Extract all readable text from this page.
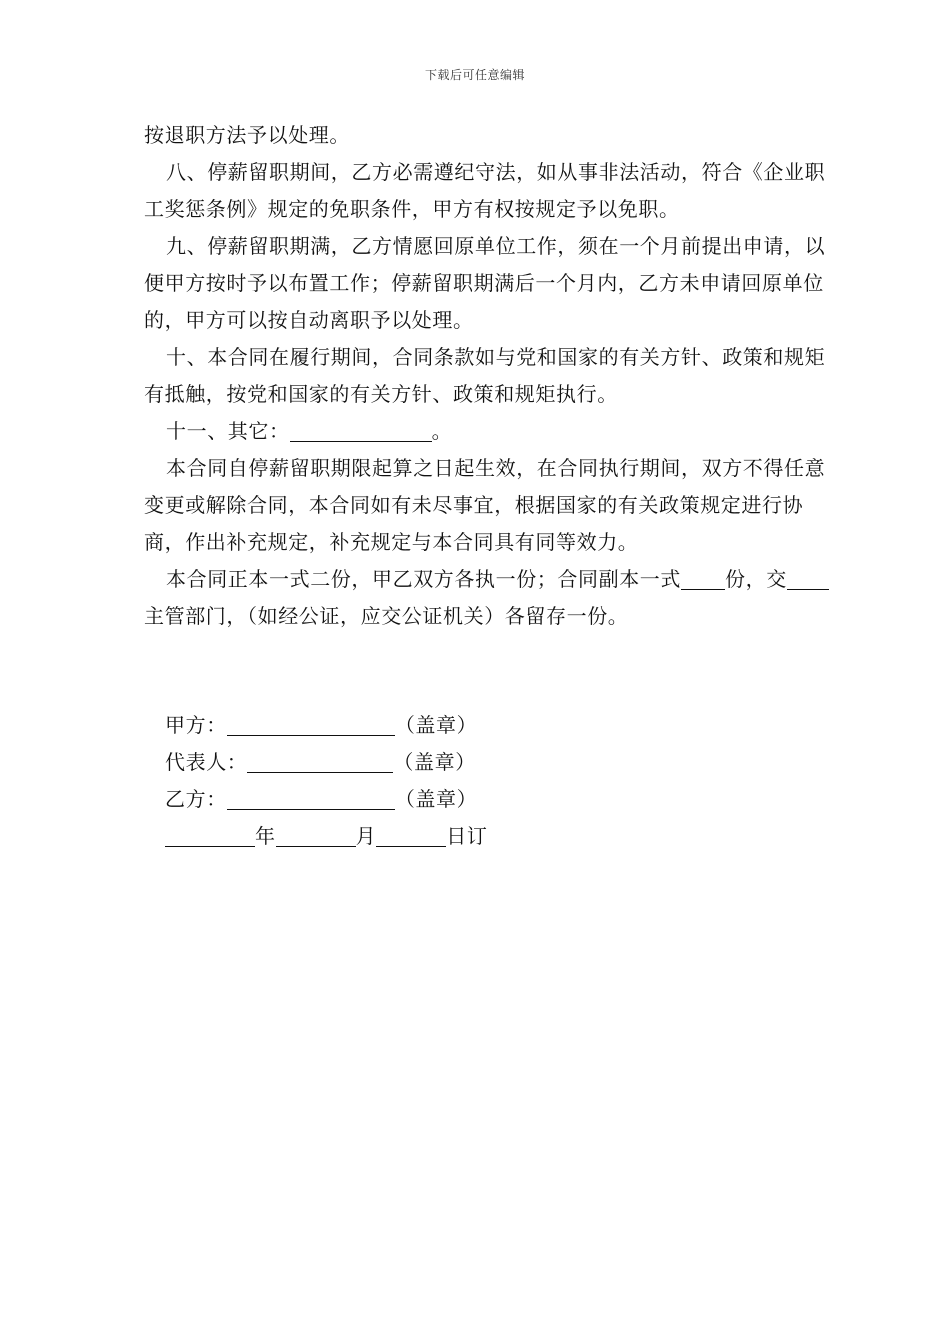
下载后可任意编辑

按退职方法予以处理。

八、停薪留职期间，乙方必需遵纪守法，如从事非法活动，符合《企业职工奖惩条例》规定的免职条件，甲方有权按规定予以免职。

九、停薪留职期满，乙方情愿回原单位工作，须在一个月前提出申请，以便甲方按时予以布置工作；停薪留职期满后一个月内，乙方未申请回原单位的，甲方可以按自动离职予以处理。

十、本合同在履行期间，合同条款如与党和国家的有关方针、政策和规矩有抵触，按党和国家的有关方针、政策和规矩执行。

十一、其它：	。

本合同自停薪留职期限起算之日起生效，在合同执行期间，双方不得任意变更或解除合同，本合同如有未尽事宜，根据国家的有关政策规定进行协商，作出补充规定，补充规定与本合同具有同等效力。

本合同正本一式二份，甲乙双方各执一份；合同副本一式 份，交主管部门，（如经公证，应交公证机关）各留存一份。

甲方：	（盖章）
代表人：	（盖章）
乙方：	（盖章）
年	月	日订
